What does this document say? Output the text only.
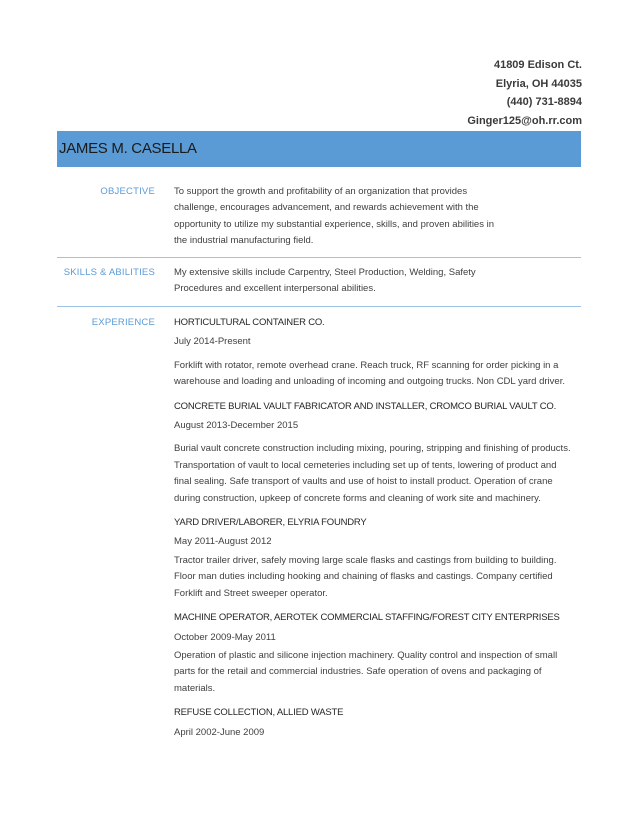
41809 Edison Ct.
Elyria, OH 44035
(440) 731-8894
Ginger125@oh.rr.com
JAMES M. CASELLA
OBJECTIVE To support the growth and profitability of an organization that provides

challenge, encourages advancement, and rewards achievement with the

opportunity to utilize my substantial experience, skills, and proven abilities in

the industrial manufacturing field.

SKILLS & ABILITIES My extensive skills include Carpentry, Steel Production, Welding, Safety

Procedures and excellent interpersonal abilities.

EXPERIENCE HORTICULTURAL CONTAINER CO.
July 2014-Present

Forklift with rotator, remote overhead crane. Reach truck, RF scanning for order picking in a

warehouse and loading and unloading of incoming and outgoing trucks. Non CDL yard driver.

CONCRETE BURIAL VAULT FABRICATOR AND INSTALLER, CROMCO BURIAL VAULT CO.
August 2013-December 2015

Burial vault concrete construction including mixing, pouring, stripping and finishing of products.

Transportation of vault to local cemeteries including set up of tents, lowering of product and

final sealing. Safe transport of vaults and use of hoist to install product. Operation of crane

during construction, upkeep of concrete forms and cleaning of work site and machinery.

YARD DRIVER/LABORER, ELYRIA FOUNDRY
May 2011-August 2012

Tractor trailer driver, safely moving large scale flasks and castings from building to building.

Floor man duties including hooking and chaining of flasks and castings. Company certified

Forklift and Street sweeper operator.

MACHINE OPERATOR, AEROTEK COMMERCIAL STAFFING/FOREST CITY ENTERPRISES
October 2009-May 2011

Operation of plastic and silicone injection machinery. Quality control and inspection of small

parts for the retail and commercial industries. Safe operation of ovens and packaging of

materials.

REFUSE COLLECTION, ALLIED WASTE
April 2002-June 2009
